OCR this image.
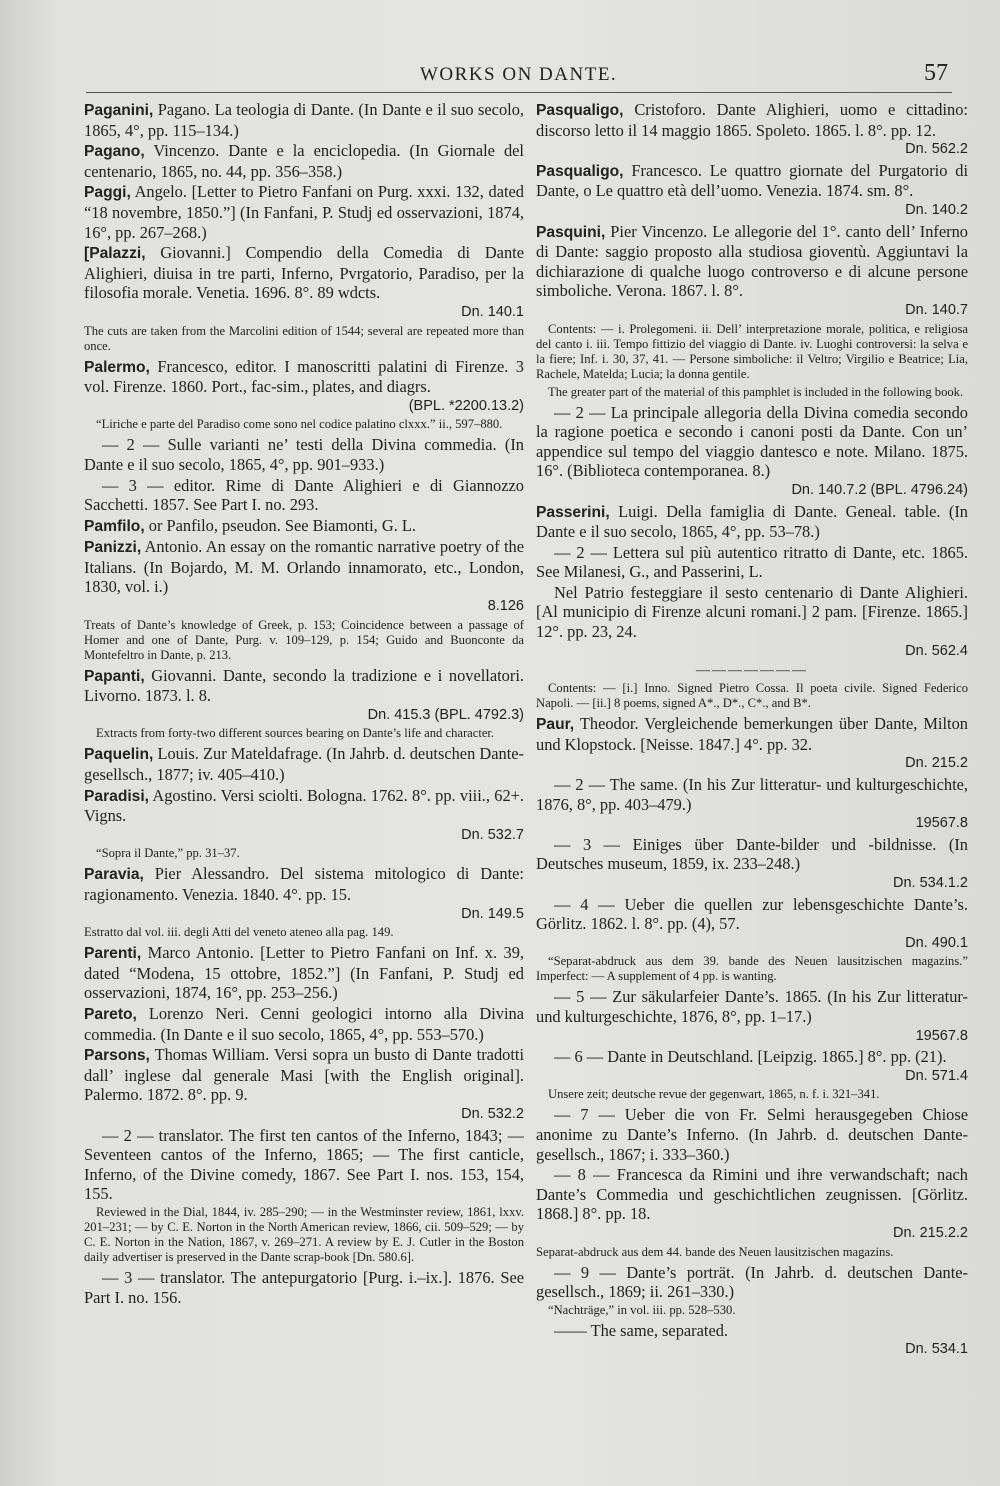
WORKS ON DANTE.	57
Paganini, Pagano. La teologia di Dante. (In Dante e il suo secolo, 1865, 4°, pp. 115–134.)
Pagano, Vincenzo. Dante e la enciclopedia. (In Giornale del centenario, 1865, no. 44, pp. 356–358.)
Paggi, Angelo. [Letter to Pietro Fanfani on Purg. xxxi. 132, dated “18 novembre, 1850.”] (In Fanfani, P. Studj ed osservazioni, 1874, 16°, pp. 267–268.)
[Palazzi, Giovanni.] Compendio della Comedia di Dante Alighieri, diuisa in tre parti, Inferno, Pvrgatorio, Paradiso, per la filosofia morale. Venetia. 1696. 8°. 89 wdcts.
Dn. 140.1
The cuts are taken from the Marcolini edition of 1544; several are repeated more than once.
Palermo, Francesco, editor. I manoscritti palatini di Firenze. 3 vol. Firenze. 1860. Port., fac-sim., plates, and diagrs.
(BPL. *2200.13.2)
“Liriche e parte del Paradiso come sono nel codice palatino clxxx.” ii., 597–880.
— 2 — Sulle varianti ne’ testi della Divina commedia. (In Dante e il suo secolo, 1865, 4°, pp. 901–933.)
— 3 — editor. Rime di Dante Alighieri e di Giannozzo Sacchetti. 1857. See Part I. no. 293.
Pamfilo, or Panfilo, pseudon. See Biamonti, G. L.
Panizzi, Antonio. An essay on the romantic narrative poetry of the Italians. (In Bojardo, M. M. Orlando innamorato, etc., London, 1830, vol. i.)
8.126
Treats of Dante’s knowledge of Greek, p. 153; Coincidence between a passage of Homer and one of Dante, Purg. v. 109–129, p. 154; Guido and Buonconte da Montefeltro in Dante, p. 213.
Papanti, Giovanni. Dante, secondo la tradizione e i novellatori. Livorno. 1873. l. 8.
Dn. 415.3 (BPL. 4792.3)
Extracts from forty-two different sources bearing on Dante’s life and character.
Paquelin, Louis. Zur Mateldafrage. (In Jahrb. d. deutschen Dante-gesellsch., 1877; iv. 405–410.)
Paradisi, Agostino. Versi sciolti. Bologna. 1762. 8°. pp. viii., 62+. Vigns.
Dn. 532.7
“Sopra il Dante,” pp. 31–37.
Paravia, Pier Alessandro. Del sistema mitologico di Dante: ragionamento. Venezia. 1840. 4°. pp. 15.
Dn. 149.5
Estratto dal vol. iii. degli Atti del veneto ateneo alla pag. 149.
Parenti, Marco Antonio. [Letter to Pietro Fanfani on Inf. x. 39, dated “Modena, 15 ottobre, 1852.”] (In Fanfani, P. Studj ed osservazioni, 1874, 16°, pp. 253–256.)
Pareto, Lorenzo Neri. Cenni geologici intorno alla Divina commedia. (In Dante e il suo secolo, 1865, 4°, pp. 553–570.)
Parsons, Thomas William. Versi sopra un busto di Dante tradotti dall’ inglese dal generale Masi [with the English original]. Palermo. 1872. 8°. pp. 9.
Dn. 532.2
— 2 — translator. The first ten cantos of the Inferno, 1843; — Seventeen cantos of the Inferno, 1865; — The first canticle, Inferno, of the Divine comedy, 1867. See Part I. nos. 153, 154, 155.
Reviewed in the Dial, 1844, iv. 285–290; — in the Westminster review, 1861, lxxv. 201–231; — by C. E. Norton in the North American review, 1866, cii. 509–529; — by C. E. Norton in the Nation, 1867, v. 269–271. A review by E. J. Cutler in the Boston daily advertiser is preserved in the Dante scrap-book [Dn. 580.6].
— 3 — translator. The antepurgatorio [Purg. i.–ix.]. 1876. See Part I. no. 156.
Pasqualigo, Cristoforo. Dante Alighieri, uomo e cittadino: discorso letto il 14 maggio 1865. Spoleto. 1865. l. 8°. pp. 12.
Dn. 562.2
Pasqualigo, Francesco. Le quattro giornate del Purgatorio di Dante, o Le quattro età dell’uomo. Venezia. 1874. sm. 8°.
Dn. 140.2
Pasquini, Pier Vincenzo. Le allegorie del 1°. canto dell’ Inferno di Dante: saggio proposto alla studiosa gioventù. Aggiuntavi la dichiarazione di qualche luogo controverso e di alcune persone simboliche. Verona. 1867. l. 8°.
Dn. 140.7
Contents: — i. Prolegomeni. ii. Dell’ interpretazione morale, politica, e religiosa del canto i. iii. Tempo fittizio del viaggio di Dante. iv. Luoghi controversi: la selva e la fiere; Inf. i. 30, 37, 41. — Persone simboliche: il Veltro; Virgilio e Beatrice; Lia, Rachele, Matelda; Lucia; la donna gentile.
The greater part of the material of this pamphlet is included in the following book.
— 2 — La principale allegoria della Divina comedia secondo la ragione poetica e secondo i canoni posti da Dante. Con un’ appendice sul tempo del viaggio dantesco e note. Milano. 1875. 16°. (Biblioteca contemporanea. 8.)
Dn. 140.7.2 (BPL. 4796.24)
Passerini, Luigi. Della famiglia di Dante. Geneal. table. (In Dante e il suo secolo, 1865, 4°, pp. 53–78.)
— 2 — Lettera sul più autentico ritratto di Dante, etc. 1865. See Milanesi, G., and Passerini, L.
Nel Patrio festeggiare il sesto centenario di Dante Alighieri. [Al municipio di Firenze alcuni romani.] 2 pam. [Firenze. 1865.] 12°. pp. 23, 24.
Dn. 562.4
———————
Contents: — [i.] Inno. Signed Pietro Cossa. Il poeta civile. Signed Federico Napoli. — [ii.] 8 poems, signed A*., D*., C*., and B*.
Paur, Theodor. Vergleichende bemerkungen über Dante, Milton und Klopstock. [Neisse. 1847.] 4°. pp. 32.
Dn. 215.2
— 2 — The same. (In his Zur litteratur- und kulturgeschichte, 1876, 8°, pp. 403–479.)
19567.8
— 3 — Einiges über Dante-bilder und -bildnisse. (In Deutsches museum, 1859, ix. 233–248.)
Dn. 534.1.2
— 4 — Ueber die quellen zur lebensgeschichte Dante’s. Görlitz. 1862. l. 8°. pp. (4), 57.
Dn. 490.1
“Separat-abdruck aus dem 39. bande des Neuen lausitzischen magazins.” Imperfect: — A supplement of 4 pp. is wanting.
— 5 — Zur säkularfeier Dante’s. 1865. (In his Zur litteratur- und kulturgeschichte, 1876, 8°, pp. 1–17.)
19567.8
— 6 — Dante in Deutschland. [Leipzig. 1865.] 8°. pp. (21).
Dn. 571.4
Unsere zeit; deutsche revue der gegenwart, 1865, n. f. i. 321–341.
— 7 — Ueber die von Fr. Selmi herausgegeben Chiose anonime zu Dante’s Inferno. (In Jahrb. d. deutschen Dante-gesellsch., 1867; i. 333–360.)
— 8 — Francesca da Rimini und ihre verwandschaft; nach Dante’s Commedia und geschichtlichen zeugnissen. [Görlitz. 1868.] 8°. pp. 18.
Dn. 215.2.2
Separat-abdruck aus dem 44. bande des Neuen lausitzischen magazins.
— 9 — Dante’s porträt. (In Jahrb. d. deutschen Dante-gesellsch., 1869; ii. 261–330.)
“Nachträge,” in vol. iii. pp. 528–530.
—— The same, separated.
Dn. 534.1
